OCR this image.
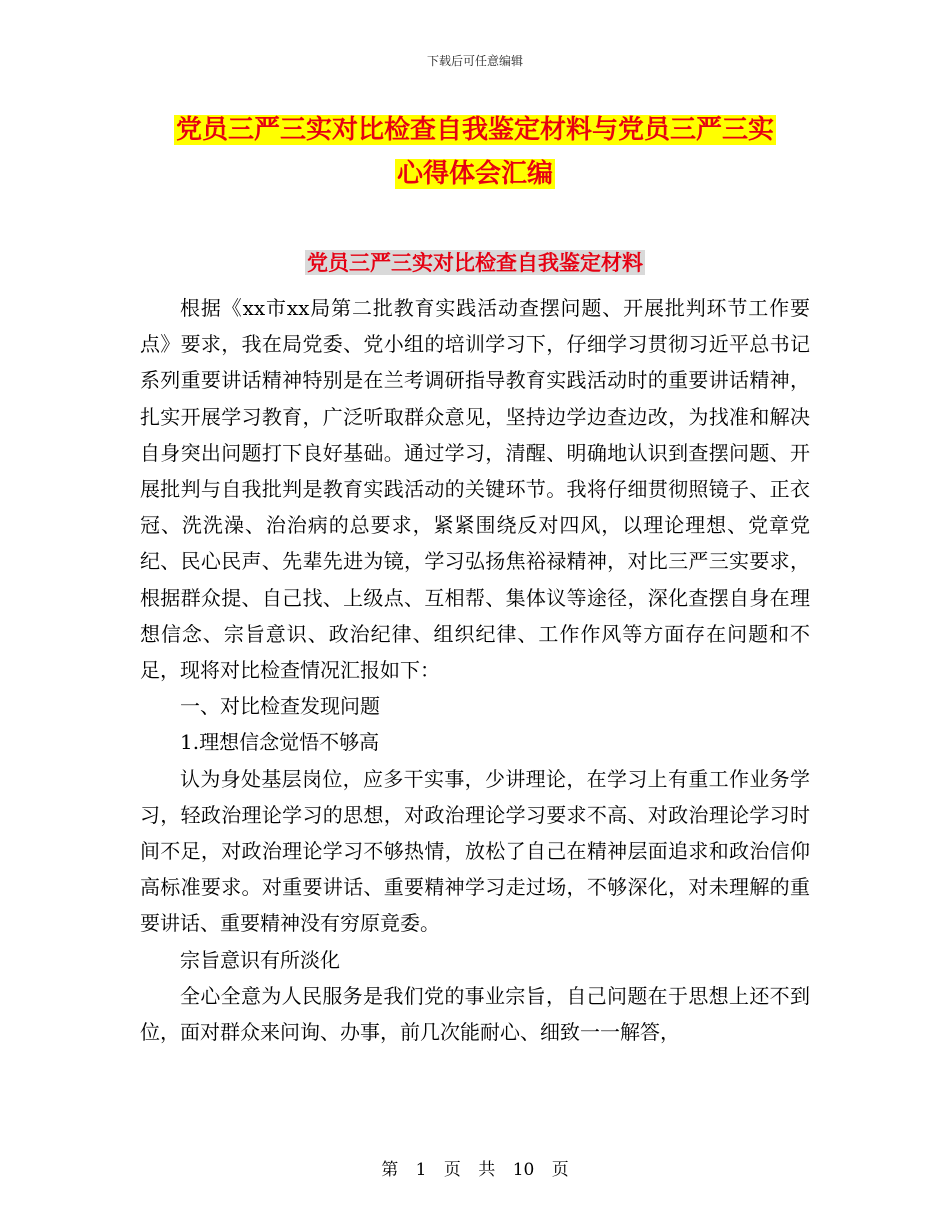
下载后可任意编辑
党员三严三实对比检查自我鉴定材料与党员三严三实
心得体会汇编
党员三严三实对比检查自我鉴定材料

根据《xx市xx局第二批教育实践活动查摆问题、开展批判环节工作要点》要求，我在局党委、党小组的培训学习下，仔细学习贯彻习近平总书记系列重要讲话精神特别是在兰考调研指导教育实践活动时的重要讲话精神，扎实开展学习教育，广泛听取群众意见，坚持边学边查边改，为找准和解决自身突出问题打下良好基础。通过学习，清醒、明确地认识到查摆问题、开展批判与自我批判是教育实践活动的关键环节。我将仔细贯彻照镜子、正衣冠、洗洗澡、治治病的总要求，紧紧围绕反对四风，以理论理想、党章党纪、民心民声、先辈先进为镜，学习弘扬焦裕禄精神，对比三严三实要求，根据群众提、自己找、上级点、互相帮、集体议等途径，深化查摆自身在理想信念、宗旨意识、政治纪律、组织纪律、工作作风等方面存在问题和不足，现将对比检查情况汇报如下：

一、对比检查发现问题

1.理想信念觉悟不够高

认为身处基层岗位，应多干实事，少讲理论，在学习上有重工作业务学习，轻政治理论学习的思想，对政治理论学习要求不高、对政治理论学习时间不足，对政治理论学习不够热情，放松了自己在精神层面追求和政治信仰高标准要求。对重要讲话、重要精神学习走过场，不够深化，对未理解的重要讲话、重要精神没有穷原竟委。

宗旨意识有所淡化

全心全意为人民服务是我们党的事业宗旨，自己问题在于思想上还不到位，面对群众来问询、办事，前几次能耐心、细致一一解答，

第 1 页 共 10 页
